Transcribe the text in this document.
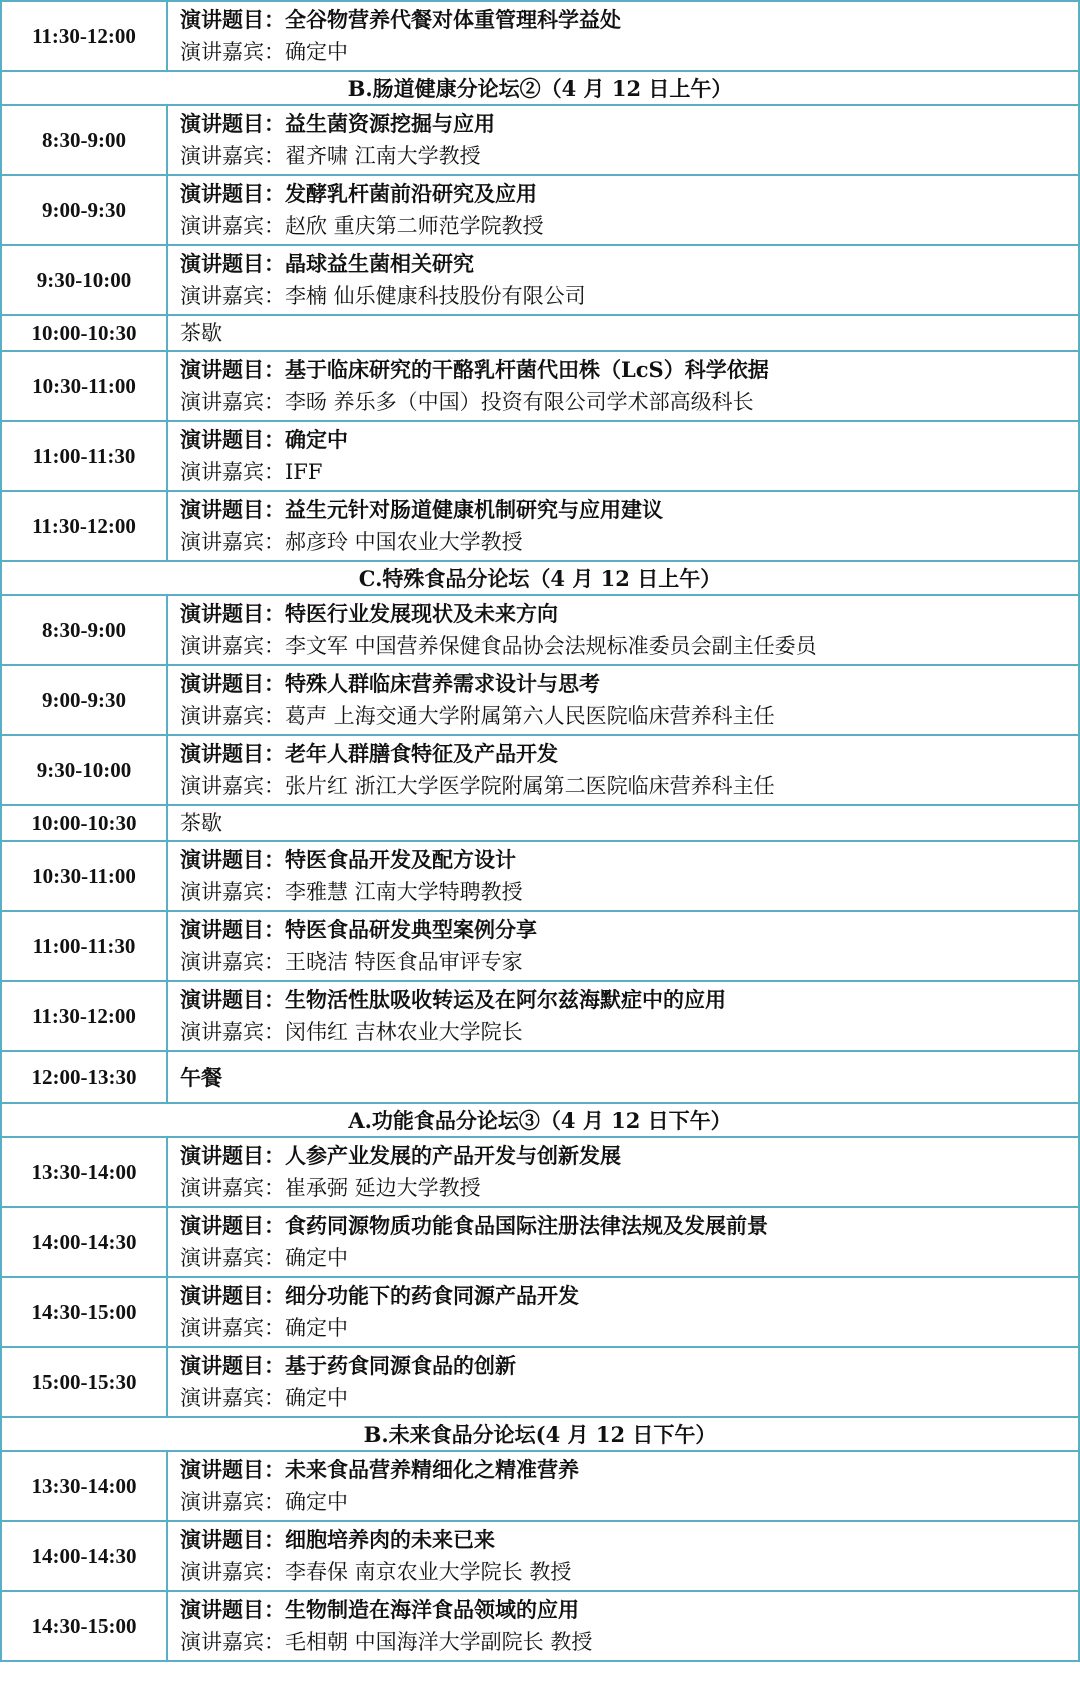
11:30-12:00	演讲题目：全谷物营养代餐对体重管理科学益处
演讲嘉宾：确定中

B.肠道健康分论坛②（4 月 12 日上午）	
8:30-9:00	演讲题目：益生菌资源挖掘与应用
演讲嘉宾：翟齐啸 江南大学教授

9:00-9:30	演讲题目：发酵乳杆菌前沿研究及应用
演讲嘉宾：赵欣 重庆第二师范学院教授

9:30-10:00	演讲题目：晶球益生菌相关研究
演讲嘉宾：李楠 仙乐健康科技股份有限公司

10:00-10:30	茶歇

10:30-11:00	演讲题目：基于临床研究的干酪乳杆菌代田株（LcS）科学依据
演讲嘉宾：李旸 养乐多（中国）投资有限公司学术部高级科长

11:00-11:30	演讲题目：确定中
演讲嘉宾：IFF

11:30-12:00	演讲题目：益生元针对肠道健康机制研究与应用建议
演讲嘉宾：郝彦玲 中国农业大学教授

C.特殊食品分论坛（4 月 12 日上午）	
8:30-9:00	演讲题目：特医行业发展现状及未来方向
演讲嘉宾：李文军 中国营养保健食品协会法规标准委员会副主任委员

9:00-9:30	演讲题目：特殊人群临床营养需求设计与思考
演讲嘉宾：葛声 上海交通大学附属第六人民医院临床营养科主任

9:30-10:00	演讲题目：老年人群膳食特征及产品开发
演讲嘉宾：张片红 浙江大学医学院附属第二医院临床营养科主任

10:00-10:30	茶歇

10:30-11:00	演讲题目：特医食品开发及配方设计
演讲嘉宾：李雅慧 江南大学特聘教授

11:00-11:30	演讲题目：特医食品研发典型案例分享
演讲嘉宾：王晓洁 特医食品审评专家

11:30-12:00	演讲题目：生物活性肽吸收转运及在阿尔兹海默症中的应用
演讲嘉宾：闵伟红 吉林农业大学院长

12:00-13:30	午餐

A.功能食品分论坛③（4 月 12 日下午）	
13:30-14:00	演讲题目：人参产业发展的产品开发与创新发展
演讲嘉宾：崔承弼 延边大学教授

14:00-14:30	演讲题目：食药同源物质功能食品国际注册法律法规及发展前景
演讲嘉宾：确定中

14:30-15:00	演讲题目：细分功能下的药食同源产品开发
演讲嘉宾：确定中

15:00-15:30	演讲题目：基于药食同源食品的创新
演讲嘉宾：确定中

B.未来食品分论坛(4 月 12 日下午）	
13:30-14:00	演讲题目：未来食品营养精细化之精准营养
演讲嘉宾：确定中

14:00-14:30	演讲题目：细胞培养肉的未来已来
演讲嘉宾：李春保 南京农业大学院长 教授

14:30-15:00	演讲题目：生物制造在海洋食品领域的应用
演讲嘉宾：毛相朝 中国海洋大学副院长 教授
